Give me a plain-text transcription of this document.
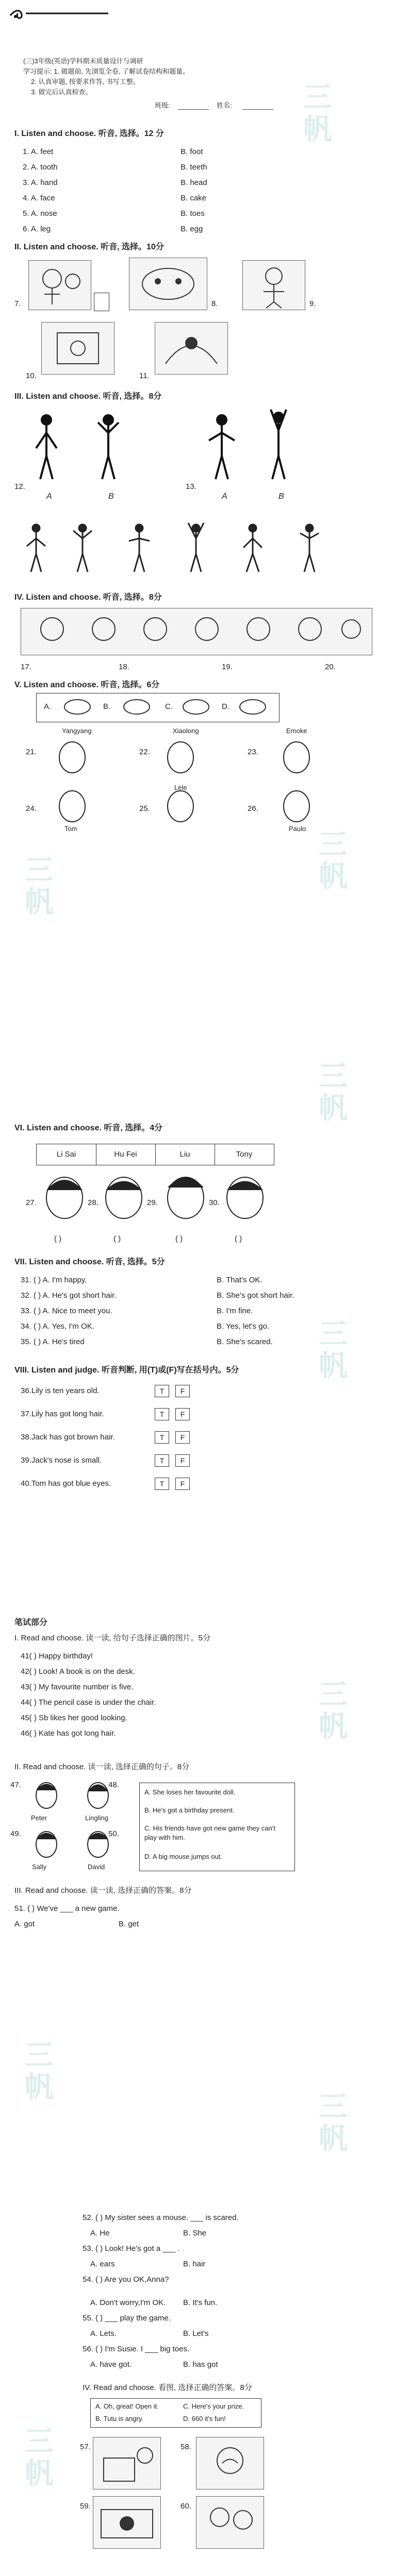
(三)3年级(英语)学科期末质量设计与调研
学习提示: 1. 做题前, 先浏览全卷, 了解试卷结构和题量。
2. 认真审题, 按要求作答, 书写工整。
3. 做完后认真检查。
班级:	姓名:
I. Listen and choose. 听音, 选择。12 分
1. A. feet	B. foot
2. A. tooth	B. teeth
3. A. hand	B. head
4. A. face	B. cake
5. A. nose	B. toes
6. A. leg	B. egg
II. Listen and choose. 听音, 选择。10分
7.	8.	9.
10.	11.
III. Listen and choose. 听音, 选择。8分
12.
A	B
13.
A	B
IV. Listen and choose. 听音, 选择。8分
17.	18.	19.	20.
V. Listen and choose. 听音, 选择。6分
A.	B.	C.	D.
21.
Yangyang
22.
Xiaolong
23.
Emoke
24.
Tom
25.
Lele
26.
Paulo
VI. Listen and choose. 听音, 选择。4分
Li Sai	Hu Fei	Liu	Tony
27.	28.	29.	30.
( )	( )	( )	( )
VII. Listen and choose. 听音, 选择。5分
31. ( ) A. I'm happy.	B. That's OK.
32. ( ) A. He's got short hair.	B. She's got short hair.
33. ( ) A. Nice to meet you.	B. I'm fine.
34. ( ) A. Yes, I'm OK.	B. Yes, let's go.
35. ( ) A. He's tired	B. She's scared.
VIII. Listen and judge. 听音判断, 用(T)或(F)写在括号内。5分
36.Lily is ten years old.	T	F
37.Lily has got long hair.	T	F
38.Jack has got brown hair.	T	F
39.Jack's nose is small.	T	F
40.Tom has got blue eyes.	T	F
笔试部分
I. Read and choose. 读一读, 给句子选择正确的图片。5分
41( ) Happy birthday!
42( ) Look! A book is on the desk.
43( ) My favourite number is five.
44( ) The pencil case is under the chair.
45( ) Sb likes her good looking.
46( ) Kate has got long hair.
II. Read and choose. 读一读, 选择正确的句子。8分
Peter	Lingling
Sally	David
47.	48.
49.	50.
A. She loses her favourite doll.
B. He's got a birthday present.
C. His friends have got new game they can't play with him.
D. A big mouse jumps out.
III. Read and choose. 读一读, 选择正确的答案。8分
51. ( ) We've ___ a new game.
A. got	B. get
52. ( ) My sister sees a mouse. ___ is scared.
A. He	B. She
53. ( ) Look! He's got a ___ .
A. ears	B. hair
54. ( ) Are you OK,Anna?
A. Don't worry,I'm OK. B. It's fun.
55. ( ) ___ play the game.
A. Lets.	B. Let's
56. ( ) I'm Susie. I ___ big toes.
A. have got.	B. has got
IV. Read and choose. 看图, 选择正确的答案。8分
A. Oh, great! Open it.	C. Here's your prize.
B. Tutu is angry.	D. 660 it's fun!
57.	58.
59.	60.
三
帆
三
帆
三
帆
三
帆
三
帆
三
帆
三
帆
三
帆
三
帆
